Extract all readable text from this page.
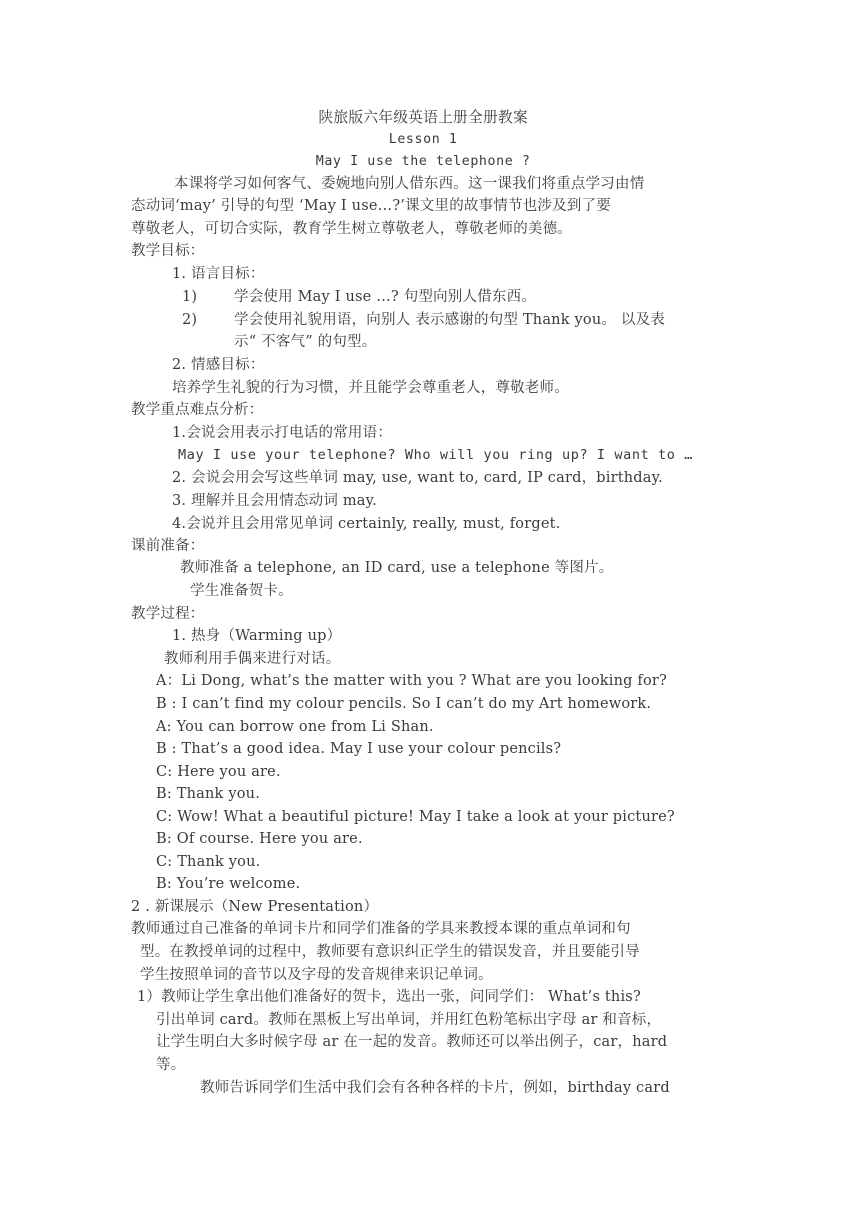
陕旅版六年级英语上册全册教案
Lesson 1
May I use the telephone ?
本课将学习如何客气、委婉地向别人借东西。这一课我们将重点学习由情
态动词‘may’ 引导的句型 ‘May I use…?’课文里的故事情节也涉及到了要
尊敬老人，可切合实际，教育学生树立尊敬老人，尊敬老师的美德。
教学目标：
1. 语言目标：
1)	学会使用 May I use …? 句型向别人借东西。
2)	学会使用礼貌用语，向别人 表示感谢的句型 Thank you。 以及表
示“ 不客气” 的句型。
2. 情感目标：
培养学生礼貌的行为习惯，并且能学会尊重老人，尊敬老师。
教学重点难点分析：
1.会说会用表示打电话的常用语：
May I use your telephone? Who will you ring up? I want to …
2. 会说会用会写这些单词 may, use, want to, card, IP card，birthday.
3. 理解并且会用情态动词 may.
4.会说并且会用常见单词 certainly, really, must, forget.
课前准备：
教师准备 a telephone, an ID card, use a telephone 等图片。
学生准备贺卡。
教学过程：
1. 热身（Warming up）
教师利用手偶来进行对话。
A：Li Dong, what’s the matter with you ? What are you looking for?
B : I can’t find my colour pencils. So I can’t do my Art homework.
A: You can borrow one from Li Shan.
B : That’s a good idea. May I use your colour pencils?
C: Here you are.
B: Thank you.
C: Wow! What a beautiful picture! May I take a look at your picture?
B: Of course. Here you are.
C: Thank you.
B: You’re welcome.
2 . 新课展示（New Presentation）
教师通过自己准备的单词卡片和同学们准备的学具来教授本课的重点单词和句
型。在教授单词的过程中，教师要有意识纠正学生的错误发音，并且要能引导
学生按照单词的音节以及字母的发音规律来识记单词。
1）教师让学生拿出他们准备好的贺卡，选出一张，问同学们： What’s this?
引出单词 card。教师在黑板上写出单词，并用红色粉笔标出字母 ar 和音标，
让学生明白大多时候字母 ar 在一起的发音。教师还可以举出例子，car，hard
等。
教师告诉同学们生活中我们会有各种各样的卡片，例如，birthday card
